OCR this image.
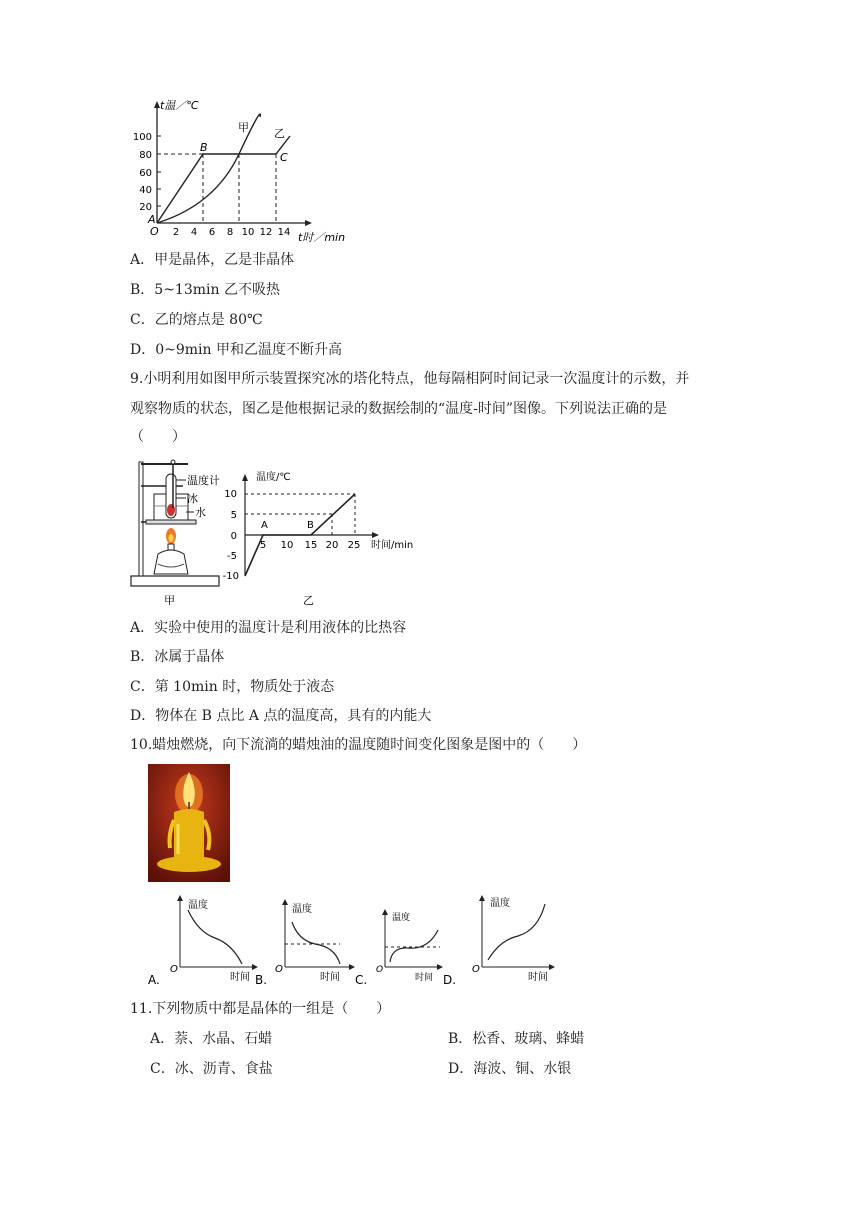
100
80
60
40
20
2 4 6 8 10 12 14
t温／℃
t时／min
O
A
B
C
甲 乙
A．甲是晶体，乙是非晶体
B．5~13min 乙不吸热
C．乙的熔点是 80℃
D．0~9min 甲和乙温度不断升高
9.小明利用如图甲所示装置探究冰的塔化特点，他每隔相阿时间记录一次温度计的示数，并
观察物质的状态，图乙是他根据记录的数据绘制的“温度-时间”图像。下列说法正确的是
（　　）
温度计
冰
水
甲
温度/℃
时间/min
10
5
0
-5
-10
5 10 15 20 25
A	B
乙
A．实验中使用的温度计是利用液体的比热容
B．冰属于晶体
C．第 10min 时，物质处于液态
D．物体在 B 点比 A 点的温度高，具有的内能大
10.蜡烛燃烧，向下流淌的蜡烛油的温度随时间变化图象是图中的（　　）
温度
时间
O
A.
温度
时间
O
B.
温度
时间
O
C.
温度
时间
O
D.
11.下列物质中都是晶体的一组是（　　）
A．萘、水晶、石蜡	B．松香、玻璃、蜂蜡
C．冰、沥青、食盐	D．海波、铜、水银
